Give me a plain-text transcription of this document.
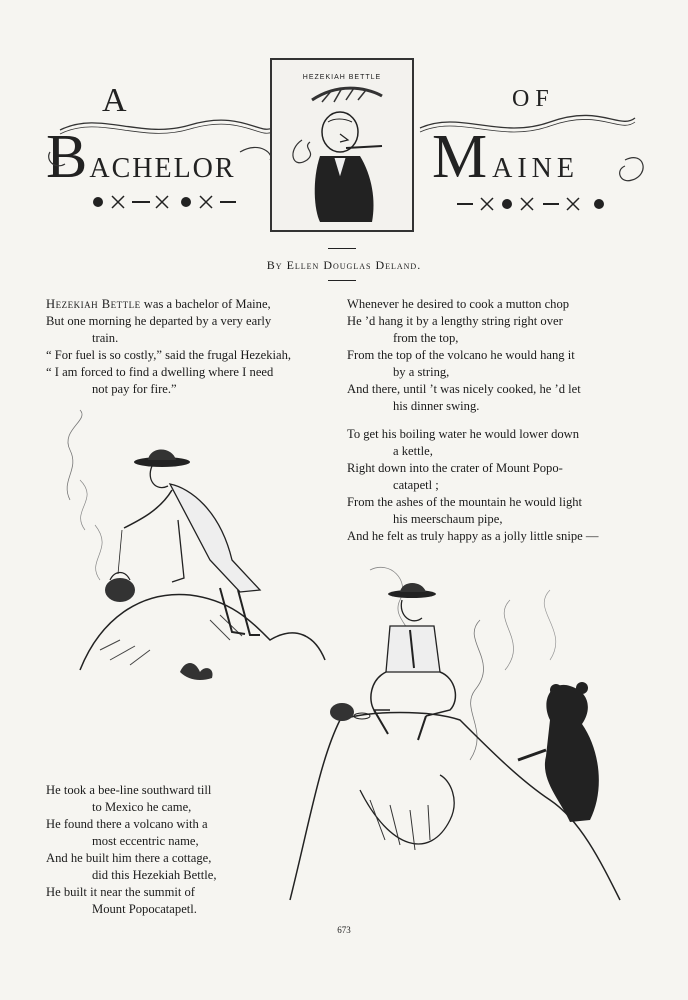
A
BACHELOR
OF
MAINE
HEZEKIAH BETTLE
By Ellen Douglas Deland.

Hezekiah Bettle was a bachelor of Maine,

But one morning he departed by a very early

train.

“ For fuel is so costly,” said the frugal Hezekiah,

“ I am forced to find a dwelling where I need

not pay for fire.”

Whenever he desired to cook a mutton chop

He ’d hang it by a lengthy string right over

from the top,

From the top of the volcano he would hang it

by a string,

And there, until ’t was nicely cooked, he ’d let

his dinner swing.

To get his boiling water he would lower down

a kettle,

Right down into the crater of Mount Popo-

catapetl ;

From the ashes of the mountain he would light

his meerschaum pipe,

And he felt as truly happy as a jolly little snipe —

He took a bee-line southward till

to Mexico he came,

He found there a volcano with a

most eccentric name,

And he built him there a cottage,

did this Hezekiah Bettle,

He built it near the summit of

Mount Popocatapetl.

673
